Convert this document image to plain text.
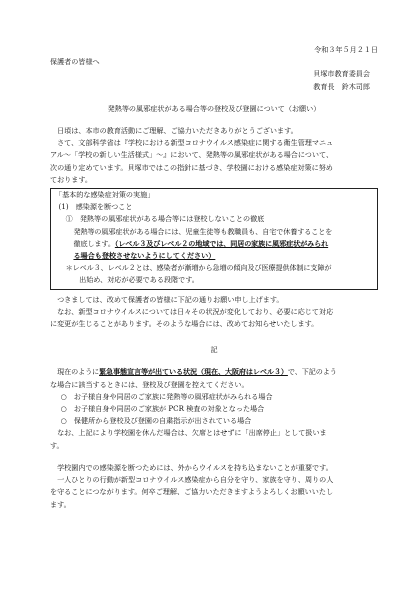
令和３年５月２１日

保護者の皆様へ

貝塚市教育委員会

教育長　鈴木司郎

発熱等の風邪症状がある場合等の登校及び登園について（お願い）

日頃は、本市の教育活動にご理解、ご協力いただきありがとうございます。

さて、文部科学省は『学校における新型コロナウイルス感染症に関する衛生管理マニュ

アル～「学校の新しい生活様式」～』において、発熱等の風邪症状がある場合について、

次の通り定めています。貝塚市ではこの指針に基づき、学校園における感染症対策に努め

ております。

「基本的な感染症対策の実施」

(1)　感染源を断つこと

①　発熱等の風邪症状がある場合等には登校しないことの徹底

発熱等の風邪症状がある場合には、児童生徒等も教職員も、自宅で休養することを

徹底します。（レベル３及びレベル２の地域では、同居の家族に風邪症状がみられ

る場合も登校させないようにしてください）

＊レベル３、レベル２とは、感染者が漸増から急増の傾向及び医療提供体制に支障が

出始め、対応が必要である段階です。

つきましては、改めて保護者の皆様に下記の通りお願い申し上げます。

なお、新型コロナウイルスについては日々その状況が変化しており、必要に応じて対応

に変更が生じることがあります。そのような場合には、改めてお知らせいたします。

記

現在のように緊急事態宣言等が出ている状況（現在、大阪府はレベル３）で、下記のよう

な場合に該当するときには、登校及び登園を控えてください。

○　お子様自身や同居のご家族に発熱等の風邪症状がみられる場合

○　お子様自身や同居のご家族が PCR 検査の対象となった場合

○　保健所から登校及び登園の自粛指示が出されている場合

なお、上記により学校園を休んだ場合は、欠席とはせずに「出席停止」として扱いま

す。

学校園内での感染源を断つためには、外からウイルスを持ち込まないことが重要です。

一人ひとりの行動が新型コロナウイルス感染症から自分を守り、家族を守り、周りの人

を守ることにつながります。何卒ご理解、ご協力いただきますようよろしくお願いいたし

ます。
